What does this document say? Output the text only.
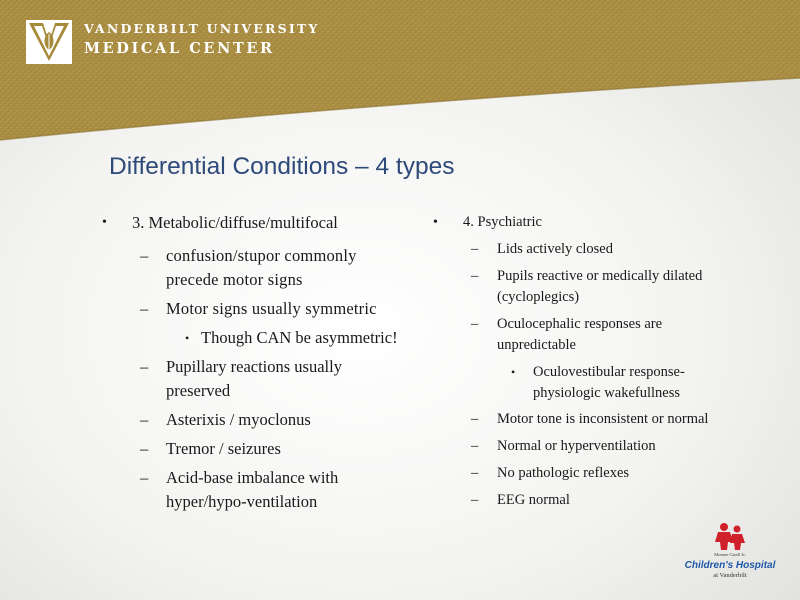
VANDERBILT UNIVERSITY
MEDICAL CENTER
Differential Conditions – 4 types
• 3. Metabolic/diffuse/multifocal
– confusion/stupor commonly precede motor signs
– Motor signs usually symmetric
• Though CAN be asymmetric!
– Pupillary reactions usually preserved
– Asterixis / myoclonus
– Tremor / seizures
– Acid-base imbalance with hyper/hypo-ventilation
• 4. Psychiatric
– Lids actively closed
– Pupils reactive or medically dilated (cycloplegics)
– Oculocephalic responses are unpredictable
• Oculovestibular response- physiologic wakefullness
– Motor tone is inconsistent or normal
– Normal or hyperventilation
– No pathologic reflexes
– EEG normal
Monroe Carell Jr.
Children's Hospital
at Vanderbilt
